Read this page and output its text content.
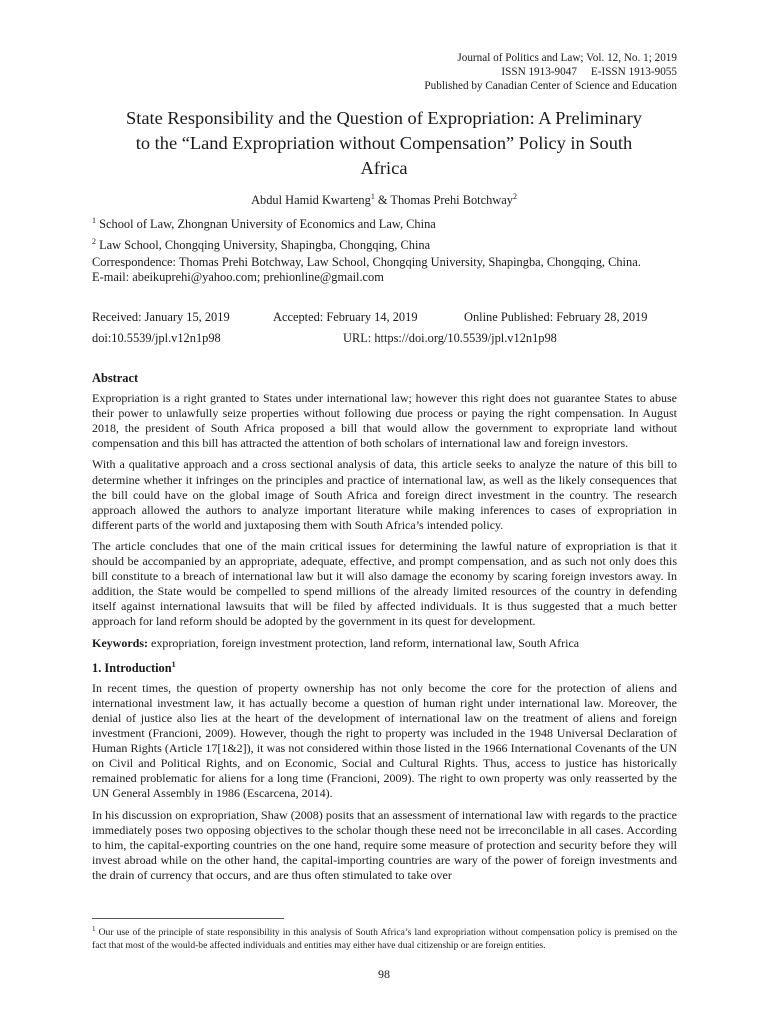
Journal of Politics and Law; Vol. 12, No. 1; 2019
ISSN 1913-9047     E-ISSN 1913-9055
Published by Canadian Center of Science and Education
State Responsibility and the Question of Expropriation: A Preliminary
to the “Land Expropriation without Compensation” Policy in South
Africa
Abdul Hamid Kwarteng$^1$ & Thomas Prehi Botchway$^2$
$^1$ School of Law, Zhongnan University of Economics and Law, China
$^2$ Law School, Chongqing University, Shapingba, Chongqing, China
Correspondence: Thomas Prehi Botchway, Law School, Chongqing University, Shapingba, Chongqing, China.
E-mail: abeikuprehi@yahoo.com; prehionline@gmail.com
Received: January 15, 2019	Accepted: February 14, 2019	Online Published: February 28, 2019
doi:10.5539/jpl.v12n1p98	URL: https://doi.org/10.5539/jpl.v12n1p98
Abstract

Expropriation is a right granted to States under international law; however this right does not guarantee States to abuse their power to unlawfully seize properties without following due process or paying the right compensation. In August 2018, the president of South Africa proposed a bill that would allow the government to expropriate land without compensation and this bill has attracted the attention of both scholars of international law and foreign investors.

With a qualitative approach and a cross sectional analysis of data, this article seeks to analyze the nature of this bill to determine whether it infringes on the principles and practice of international law, as well as the likely consequences that the bill could have on the global image of South Africa and foreign direct investment in the country. The research approach allowed the authors to analyze important literature while making inferences to cases of expropriation in different parts of the world and juxtaposing them with South Africa’s intended policy.

The article concludes that one of the main critical issues for determining the lawful nature of expropriation is that it should be accompanied by an appropriate, adequate, effective, and prompt compensation, and as such not only does this bill constitute to a breach of international law but it will also damage the economy by scaring foreign investors away. In addition, the State would be compelled to spend millions of the already limited resources of the country in defending itself against international lawsuits that will be filed by affected individuals. It is thus suggested that a much better approach for land reform should be adopted by the government in its quest for development.

Keywords: expropriation, foreign investment protection, land reform, international law, South Africa
1. Introduction$^1$

In recent times, the question of property ownership has not only become the core for the protection of aliens and international investment law, it has actually become a question of human right under international law. Moreover, the denial of justice also lies at the heart of the development of international law on the treatment of aliens and foreign investment (Francioni, 2009). However, though the right to property was included in the 1948 Universal Declaration of Human Rights (Article 17[1&2]), it was not considered within those listed in the 1966 International Covenants of the UN on Civil and Political Rights, and on Economic, Social and Cultural Rights. Thus, access to justice has historically remained problematic for aliens for a long time (Francioni, 2009). The right to own property was only reasserted by the UN General Assembly in 1986 (Escarcena, 2014).

In his discussion on expropriation, Shaw (2008) posits that an assessment of international law with regards to the practice immediately poses two opposing objectives to the scholar though these need not be irreconcilable in all cases. According to him, the capital-exporting countries on the one hand, require some measure of protection and security before they will invest abroad while on the other hand, the capital-importing countries are wary of the power of foreign investments and the drain of currency that occurs, and are thus often stimulated to take over

$^1$ Our use of the principle of state responsibility in this analysis of South Africa’s land expropriation without compensation policy is premised on the fact that most of the would-be affected individuals and entities may either have dual citizenship or are foreign entities.
98
